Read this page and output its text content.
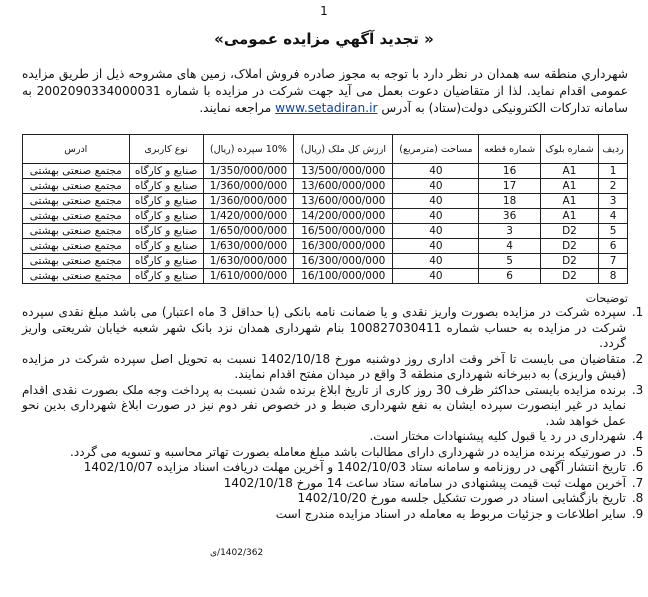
1
« تجديد آگهي مزايده عمومی»
شهرداري منطقه سه همدان در نظر دارد با توجه به مجوز صادره فروش املاک، زمین های مشروحه ذیل از طریق مزایده عمومی اقدام نماید. لذا از متقاضیان دعوت بعمل می آید جهت شرکت در مزایده با شماره 2002090334000031 به سامانه تدارکات الکترونیکی دولت(ستاد) به آدرس www.setadiran.ir مراجعه نمایند.
رديف	شماره بلوک	شماره قطعه	مساحت (مترمربع)	ارزش کل ملک (ريال)	10% سپرده (ريال)	نوع کاربری	ادرس
1	A1	16	40	13/500/000/000	1/350/000/000	صنايع و کارگاه	مجتمع صنعتی بهشتی
2	A1	17	40	13/600/000/000	1/360/000/000	صنايع و کارگاه	مجتمع صنعتی بهشتی
3	A1	18	40	13/600/000/000	1/360/000/000	صنايع و کارگاه	مجتمع صنعتی بهشتی
4	A1	36	40	14/200/000/000	1/420/000/000	صنايع و کارگاه	مجتمع صنعتی بهشتی
5	D2	3	40	16/500/000/000	1/650/000/000	صنايع و کارگاه	مجتمع صنعتی بهشتی
6	D2	4	40	16/300/000/000	1/630/000/000	صنايع و کارگاه	مجتمع صنعتی بهشتی
7	D2	5	40	16/300/000/000	1/630/000/000	صنايع و کارگاه	مجتمع صنعتی بهشتی
8	D2	6	40	16/100/000/000	1/610/000/000	صنايع و کارگاه	مجتمع صنعتی بهشتی
توضیحات
1. سپرده شرکت در مزايده بصورت واريز نقدی و يا ضمانت نامه بانکی (با حداقل 3 ماه اعتبار) می باشد مبلغ نقدی سپرده شرکت در مزایده به حساب شماره 100827030411 بنام شهرداری همدان نزد بانک شهر شعبه خیابان شریعتی واریز گردد.
2. متقاضیان می بایست تا آخر وقت اداری روز دوشنبه مورخ 1402/10/18 نسبت به تحویل اصل سپرده شرکت در مزایده (فیش واریزی) به دبیرخانه شهرداری منطقه 3 واقع در میدان مفتح اقدام نمایند.
3. برنده مزايده بايستی حداکثر ظرف 30 روز کاری از تاريخ ابلاغ برنده شدن نسبت به پرداخت وجه ملک بصورت نقدی اقدام نمايد در غير اينصورت سپرده ايشان به نفع شهرداری ضبط و در خصوص نفر دوم نيز در صورت ابلاغ شهرداری بدين نحو عمل خواهد شد.
4. شهرداری در رد يا قبول کليه پيشنهادات مختار است.
5. در صورتيکه برنده مزايده در شهرداری دارای مطالبات باشد مبلغ معامله بصورت تهاتر محاسبه و تسويه می گردد.
6. تاريخ انتشار آگهی در روزنامه و سامانه ستاد 1402/10/03 و آخرين مهلت دريافت اسناد مزايده 1402/10/07
7. آخرين مهلت ثبت قيمت پيشنهادی در سامانه ستاد ساعت 14 مورخ 1402/10/18
8. تاريخ بازگشايی اسناد در صورت تشکيل جلسه مورخ 1402/10/20
9. ساير اطلاعات و جزئيات مربوط به معامله در اسناد مزايده مندرج است
1402/362/ی
